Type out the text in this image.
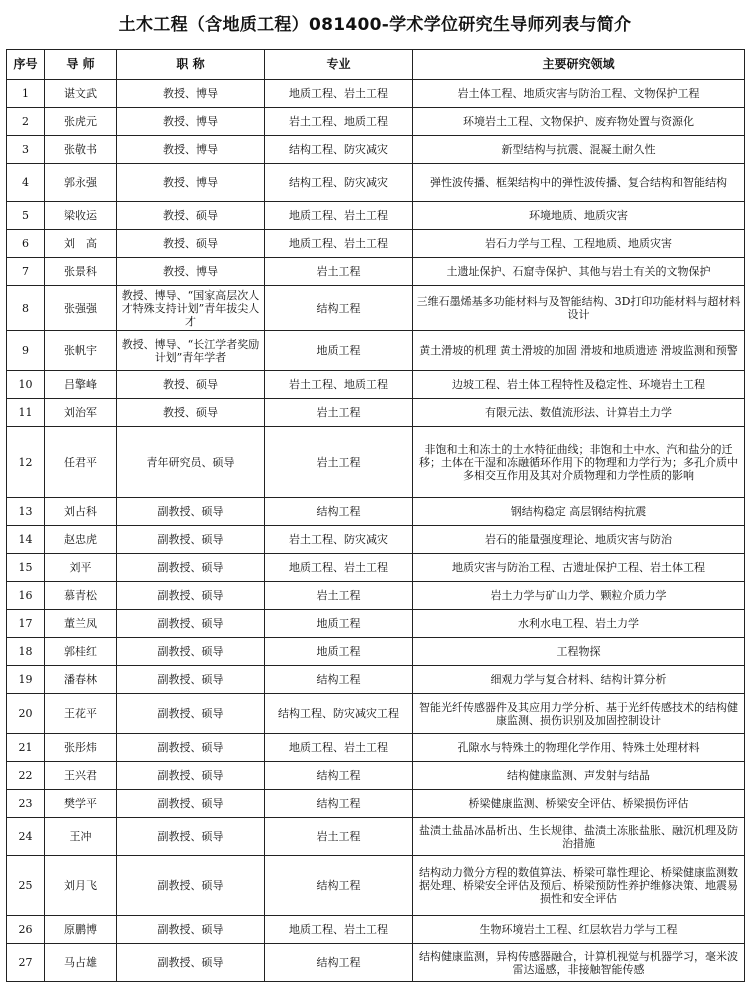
土木工程（含地质工程）081400-学术学位研究生导师列表与简介
序号	导 师	职 称	专业	主要研究领域
1	谌文武	教授、博导	地质工程、岩土工程	岩土体工程、地质灾害与防治工程、文物保护工程
2	张虎元	教授、博导	岩土工程、地质工程	环境岩土工程、文物保护、废弃物处置与资源化
3	张敬书	教授、博导	结构工程、防灾减灾	新型结构与抗震、混凝土耐久性
4	郭永强	教授、博导	结构工程、防灾减灾	弹性波传播、框架结构中的弹性波传播、复合结构和智能结构
5	梁收运	教授、硕导	地质工程、岩土工程	环境地质、地质灾害
6	刘　高	教授、硕导	地质工程、岩土工程	岩石力学与工程、工程地质、地质灾害
7	张景科	教授、博导	岩土工程	土遗址保护、石窟寺保护、其他与岩土有关的文物保护
8	张强强	教授、博导、“国家高层次人才特殊支持计划”青年拔尖人才	结构工程	三维石墨烯基多功能材料与及智能结构、3D打印功能材料与超材料设计
9	张帆宇	教授、博导、“长江学者奖励计划”青年学者	地质工程	黄土滑坡的机理 黄土滑坡的加固 滑坡和地质遗迹 滑坡监测和预警
10	吕擎峰	教授、硕导	岩土工程、地质工程	边坡工程、岩土体工程特性及稳定性、环境岩土工程
11	刘治军	教授、硕导	岩土工程	有限元法、数值流形法、计算岩土力学
12	任君平	青年研究员、硕导	岩土工程	非饱和土和冻土的土水特征曲线；非饱和土中水、汽和盐分的迁移；土体在干湿和冻融循环作用下的物理和力学行为；多孔介质中多相交互作用及其对介质物理和力学性质的影响
13	刘占科	副教授、硕导	结构工程	钢结构稳定 高层钢结构抗震
14	赵忠虎	副教授、硕导	岩土工程、防灾减灾	岩石的能量强度理论、地质灾害与防治
15	刘平	副教授、硕导	地质工程、岩土工程	地质灾害与防治工程、古遗址保护工程、岩土体工程
16	慕青松	副教授、硕导	岩土工程	岩土力学与矿山力学、颗粒介质力学
17	董兰凤	副教授、硕导	地质工程	水利水电工程、岩土力学
18	郭桂红	副教授、硕导	地质工程	工程物探
19	潘春林	副教授、硕导	结构工程	细观力学与复合材料、结构计算分析
20	王花平	副教授、硕导	结构工程、防灾减灾工程	智能光纤传感器件及其应用力学分析、基于光纤传感技术的结构健康监测、损伤识别及加固控制设计
21	张彤炜	副教授、硕导	地质工程、岩土工程	孔隙水与特殊土的物理化学作用、特殊土处理材料
22	王兴君	副教授、硕导	结构工程	结构健康监测、声发射与结晶
23	樊学平	副教授、硕导	结构工程	桥梁健康监测、桥梁安全评估、桥梁损伤评估
24	王冲	副教授、硕导	岩土工程	盐渍土盐晶冰晶析出、生长规律、盐渍土冻胀盐胀、融沉机理及防治措施
25	刘月飞	副教授、硕导	结构工程	结构动力微分方程的数值算法、桥梁可靠性理论、桥梁健康监测数据处理、桥梁安全评估及预后、桥梁预防性养护维修决策、地震易损性和安全评估
26	原鹏博	副教授、硕导	地质工程、岩土工程	生物环境岩土工程、红层软岩力学与工程
27	马占雄	副教授、硕导	结构工程	结构健康监测，异构传感器融合，计算机视觉与机器学习，毫米波雷达遥感，非接触智能传感
